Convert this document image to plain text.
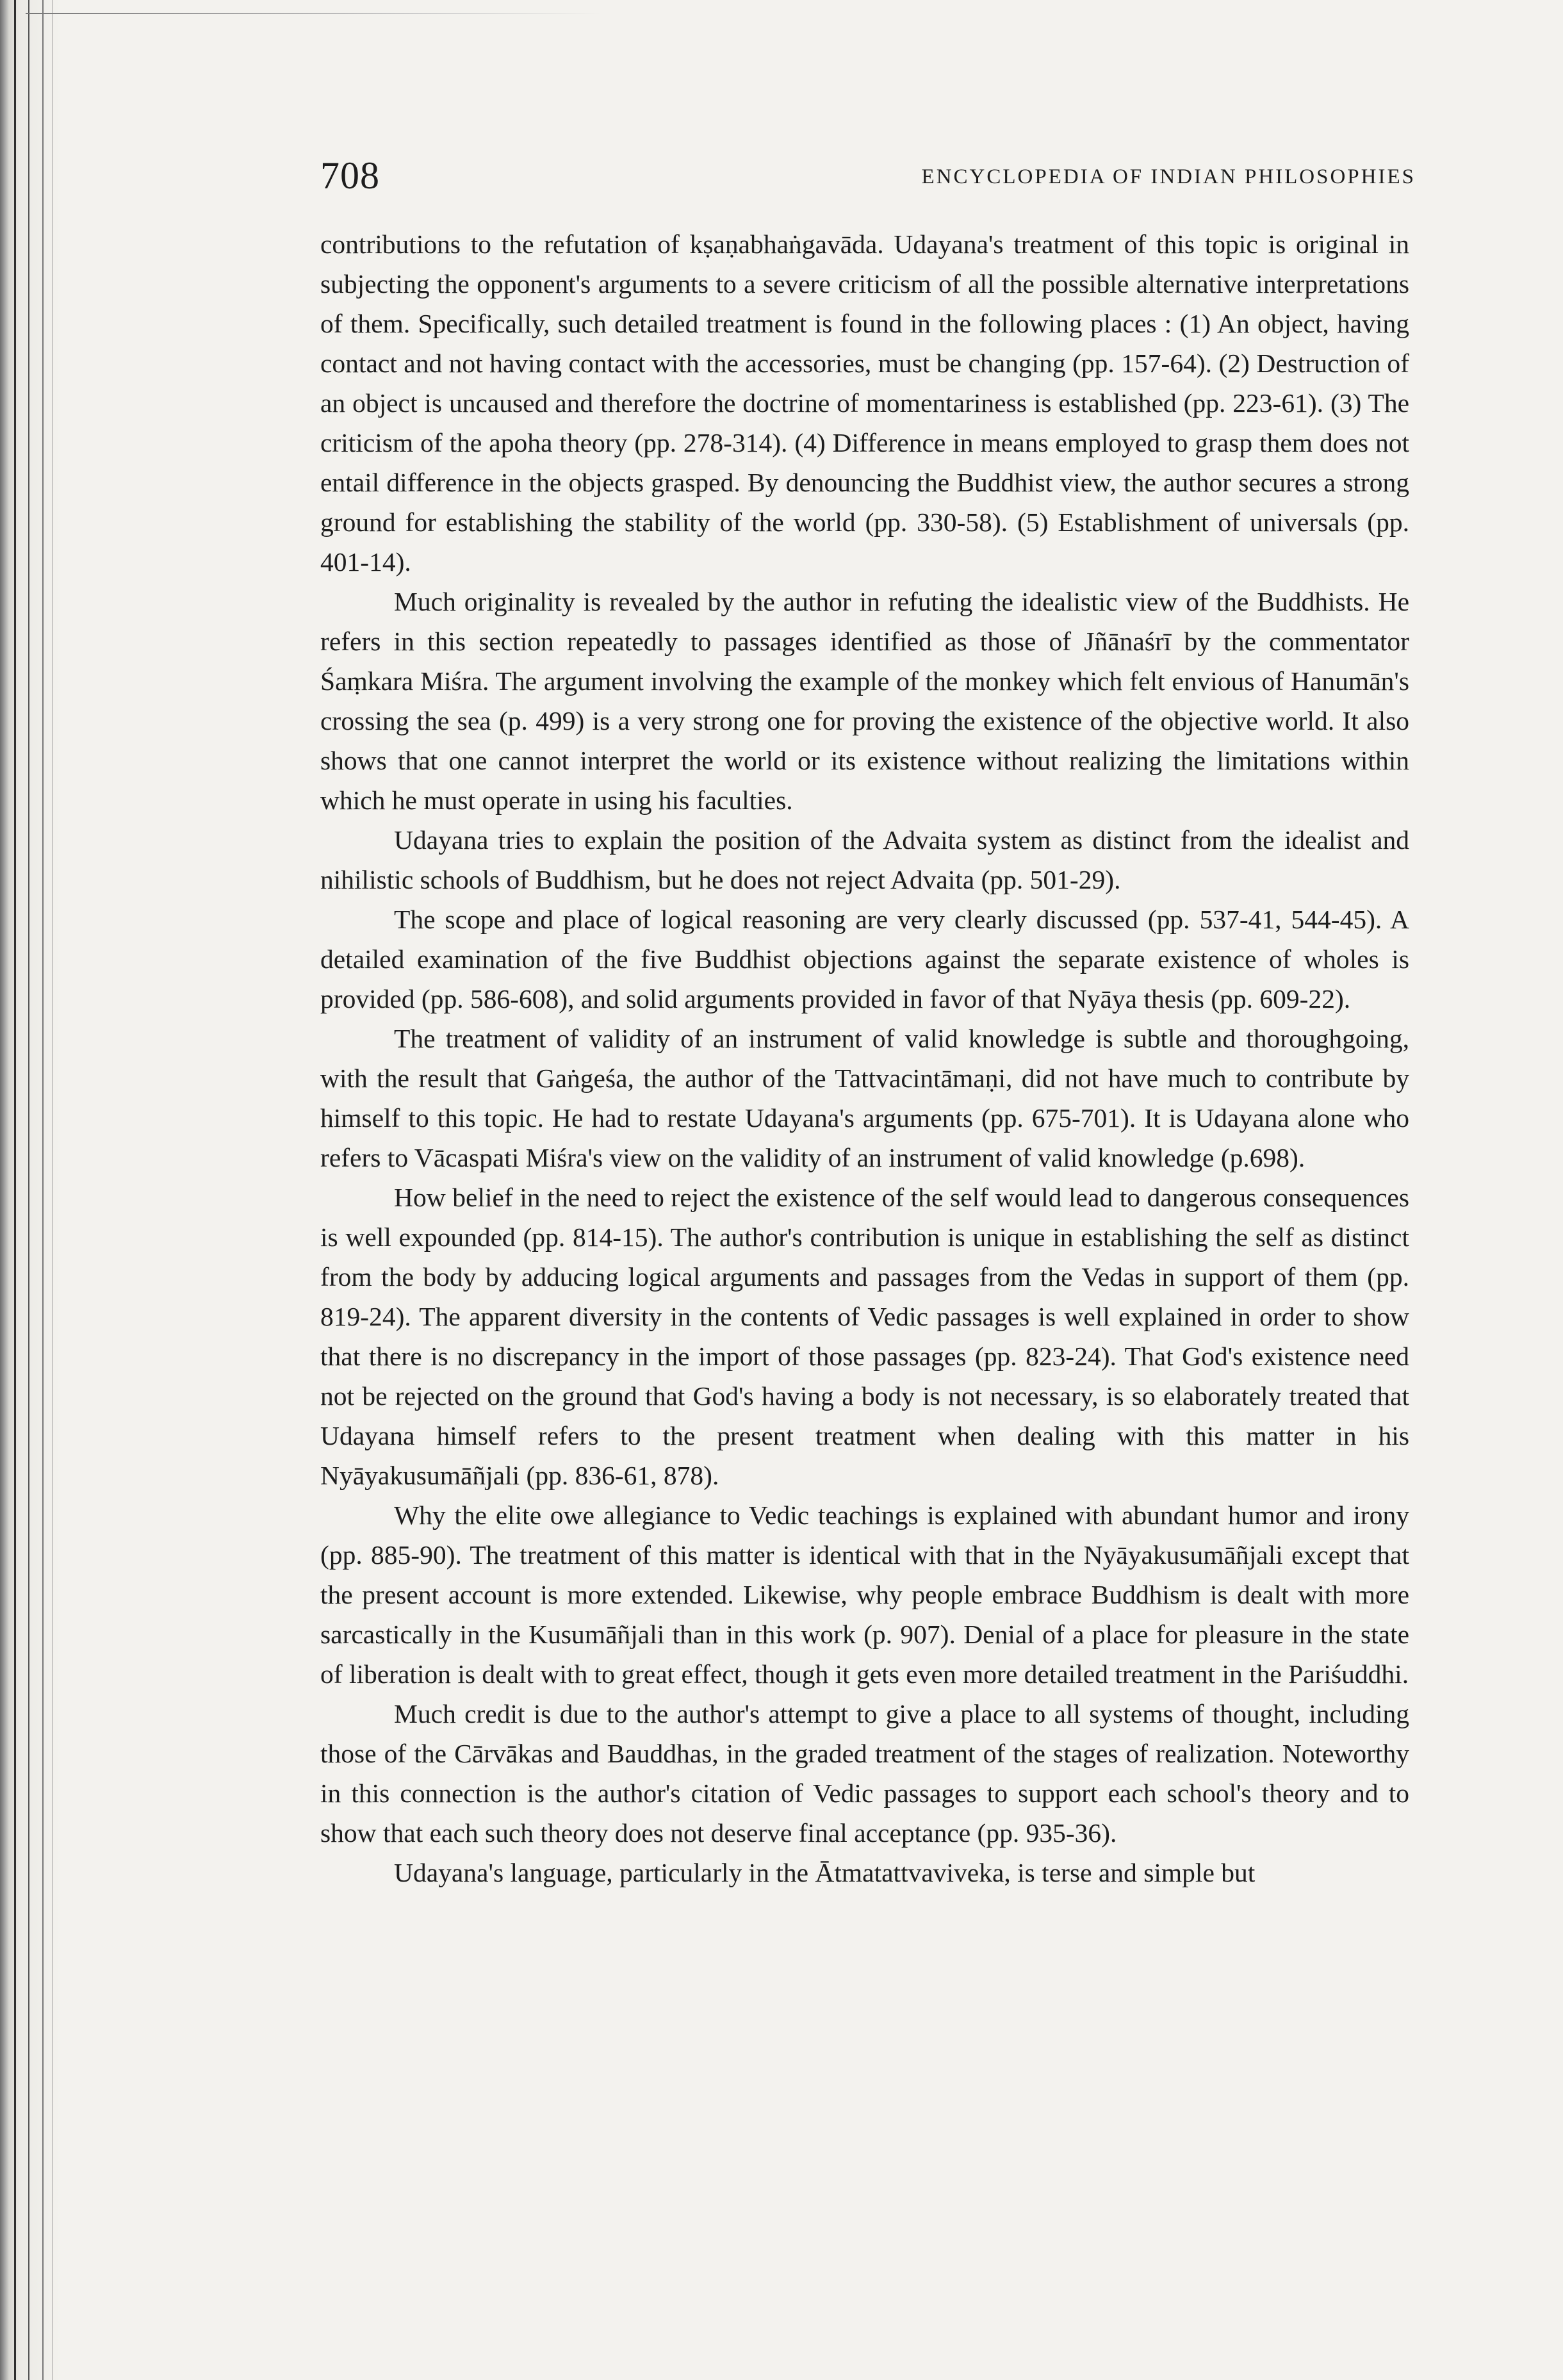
708	ENCYCLOPEDIA OF INDIAN PHILOSOPHIES

contributions to the refutation of kṣaṇabhaṅgavāda. Udayana's treatment of this topic is original in subjecting the opponent's arguments to a severe criticism of all the possible alternative interpretations of them. Specifically, such detailed treatment is found in the following places : (1) An object, having contact and not having contact with the accessories, must be changing (pp. 157-64). (2) Destruction of an object is uncaused and therefore the doctrine of momentariness is established (pp. 223-61). (3) The criticism of the apoha theory (pp. 278-314). (4) Difference in means employed to grasp them does not entail difference in the objects grasped. By denouncing the Buddhist view, the author secures a strong ground for establishing the stability of the world (pp. 330-58). (5) Establishment of universals (pp. 401-14).

Much originality is revealed by the author in refuting the idealistic view of the Buddhists. He refers in this section repeatedly to passages identified as those of Jñānaśrī by the commentator Śaṃkara Miśra. The argument involving the example of the monkey which felt envious of Hanumān's crossing the sea (p. 499) is a very strong one for proving the existence of the objective world. It also shows that one cannot interpret the world or its existence without realizing the limitations within which he must operate in using his faculties.

Udayana tries to explain the position of the Advaita system as distinct from the idealist and nihilistic schools of Buddhism, but he does not reject Advaita (pp. 501-29).

The scope and place of logical reasoning are very clearly discussed (pp. 537-41, 544-45). A detailed examination of the five Buddhist objections against the separate existence of wholes is provided (pp. 586-608), and solid arguments provided in favor of that Nyāya thesis (pp. 609-22).

The treatment of validity of an instrument of valid knowledge is subtle and thoroughgoing, with the result that Gaṅgeśa, the author of the Tattvacintāmaṇi, did not have much to contribute by himself to this topic. He had to restate Udayana's arguments (pp. 675-701). It is Udayana alone who refers to Vācaspati Miśra's view on the validity of an instrument of valid knowledge (p.698).

How belief in the need to reject the existence of the self would lead to dangerous consequences is well expounded (pp. 814-15). The author's contribution is unique in establishing the self as distinct from the body by adducing logical arguments and passages from the Vedas in support of them (pp. 819-24). The apparent diversity in the contents of Vedic passages is well explained in order to show that there is no discrepancy in the import of those passages (pp. 823-24). That God's existence need not be rejected on the ground that God's having a body is not necessary, is so elaborately treated that Udayana himself refers to the present treatment when dealing with this matter in his Nyāyakusumāñjali (pp. 836-61, 878).

Why the elite owe allegiance to Vedic teachings is explained with abundant humor and irony (pp. 885-90). The treatment of this matter is identical with that in the Nyāyakusumāñjali except that the present account is more extended. Likewise, why people embrace Buddhism is dealt with more sarcastically in the Kusumāñjali than in this work (p. 907). Denial of a place for pleasure in the state of liberation is dealt with to great effect, though it gets even more detailed treatment in the Pariśuddhi.

Much credit is due to the author's attempt to give a place to all systems of thought, including those of the Cārvākas and Bauddhas, in the graded treatment of the stages of realization. Noteworthy in this connection is the author's citation of Vedic passages to support each school's theory and to show that each such theory does not deserve final acceptance (pp. 935-36).

Udayana's language, particularly in the Ātmatattvaviveka, is terse and simple but
